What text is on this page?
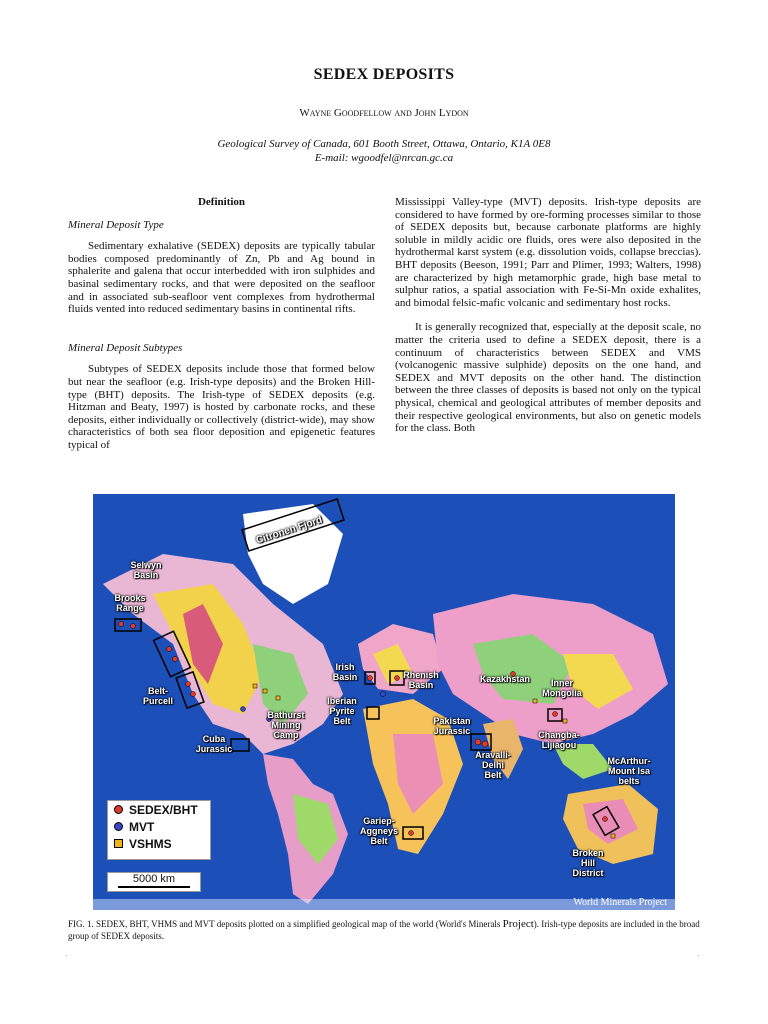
SEDEX DEPOSITS
Wayne Goodfellow and John Lydon
Geological Survey of Canada, 601 Booth Street, Ottawa, Ontario, K1A 0E8
E-mail: wgoodfel@nrcan.gc.ca
Definition
Mineral Deposit Type

Sedimentary exhalative (SEDEX) deposits are typically tabular bodies composed predominantly of Zn, Pb and Ag bound in sphalerite and galena that occur interbedded with iron sulphides and basinal sedimentary rocks, and that were deposited on the seafloor and in associated sub-seafloor vent complexes from hydrothermal fluids vented into reduced sedimentary basins in continental rifts.

Mineral Deposit Subtypes

Subtypes of SEDEX deposits include those that formed below but near the seafloor (e.g. Irish-type deposits) and the Broken Hill-type (BHT) deposits. The Irish-type of SEDEX deposits (e.g. Hitzman and Beaty, 1997) is hosted by carbonate rocks, and these deposits, either individually or collectively (district-wide), may show characteristics of both sea floor deposition and epigenetic features typical of

Mississippi Valley-type (MVT) deposits. Irish-type deposits are considered to have formed by ore-forming processes similar to those of SEDEX deposits but, because carbonate platforms are highly soluble in mildly acidic ore fluids, ores were also deposited in the hydrothermal karst system (e.g. dissolution voids, collapse breccias). BHT deposits (Beeson, 1991; Parr and Plimer, 1993; Walters, 1998) are characterized by high metamorphic grade, high base metal to sulphur ratios, a spatial association with Fe-Si-Mn oxide exhalites, and bimodal felsic-mafic volcanic and sedimentary host rocks.

It is generally recognized that, especially at the deposit scale, no matter the criteria used to define a SEDEX deposit, there is a continuum of characteristics between SEDEX and VMS (volcanogenic massive sulphide) deposits on the one hand, and SEDEX and MVT deposits on the other hand. The distinction between the three classes of deposits is based not only on the typical physical, chemical and geological attributes of member deposits and their respective geological environments, but also on genetic models for the class. Both

Citronen Fjord
Selwyn Basin
Brooks Range
Belt-Purcell
Bathurst Mining Camp
Cuba Jurassic
Irish Basin
Iberian Pyrite Belt
Rhenish Basin
Kazakhstan	Inner Mongolia
Pakistan Jurassic	Changba-Lijiagou
Aravalli-Delhi Belt
McArthur-Mount Isa belts
Gariep-Aggneys Belt
Broken Hill District
World Minerals Project
SEDEX/BHT
MVT
VSHMS
5000 km
FIG. 1. SEDEX, BHT, VHMS and MVT deposits plotted on a simplified geological map of the world (World's Minerals Project). Irish-type deposits are included in the broad group of SEDEX deposits.
.	.
